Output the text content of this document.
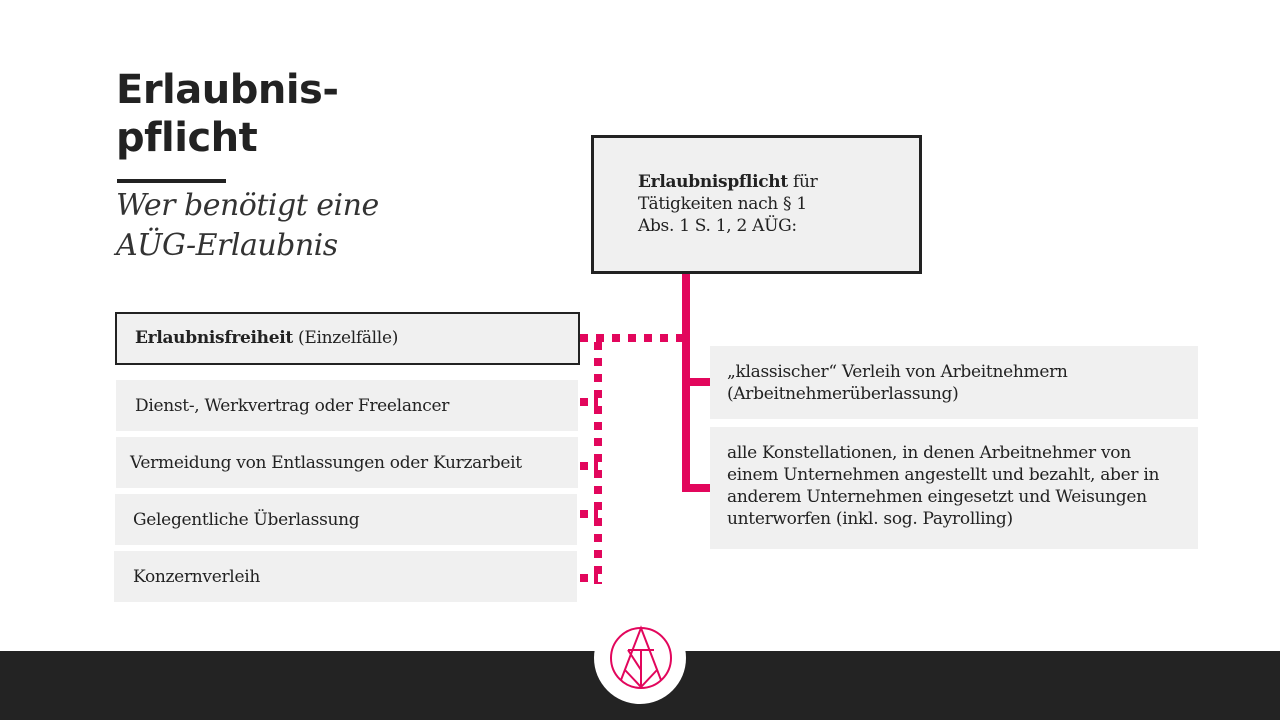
Erlaubnis-
pflicht
Wer benötigt eine
AÜG-Erlaubnis
Erlaubnispflicht für
Tätigkeiten nach § 1
Abs. 1 S. 1, 2 AÜG:
Erlaubnisfreiheit (Einzelfälle)
Dienst-, Werkvertrag oder Freelancer
Vermeidung von Entlassungen oder Kurzarbeit
Gelegentliche Überlassung
Konzernverleih
„klassischer“ Verleih von Arbeitnehmern
(Arbeitnehmerüberlassung)
alle Konstellationen, in denen Arbeitnehmer von
einem Unternehmen angestellt und bezahlt, aber in
anderem Unternehmen eingesetzt und Weisungen
unterworfen (inkl. sog. Payrolling)
